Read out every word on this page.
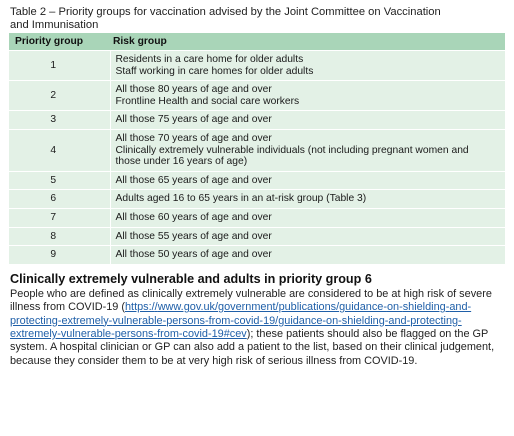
Table 2 – Priority groups for vaccination advised by the Joint Committee on Vaccination
and Immunisation
Priority group	Risk group
1	Residents in a care home for older adults
Staff working in care homes for older adults

2	All those 80 years of age and over
Frontline Health and social care workers

3	All those 75 years of age and over

4	All those 70 years of age and over
Clinically extremely vulnerable individuals (not including pregnant women and
those under 16 years of age)

5	All those 65 years of age and over

6	Adults aged 16 to 65 years in an at-risk group (Table 3)

7	All those 60 years of age and over

8	All those 55 years of age and over

9	All those 50 years of age and over
Clinically extremely vulnerable and adults in priority group 6

People who are defined as clinically extremely vulnerable are considered to be at high risk of severe illness from COVID-19 (https://www.gov.uk/government/publications/guidance-on-shielding-and-protecting-extremely-vulnerable-persons-from-covid-19/guidance-on-shielding-and-protecting-extremely-vulnerable-persons-from-covid-19#cev); these patients should also be flagged on the GP system. A hospital clinician or GP can also add a patient to the list, based on their clinical judgement, because they consider them to be at very high risk of serious illness from COVID-19.
